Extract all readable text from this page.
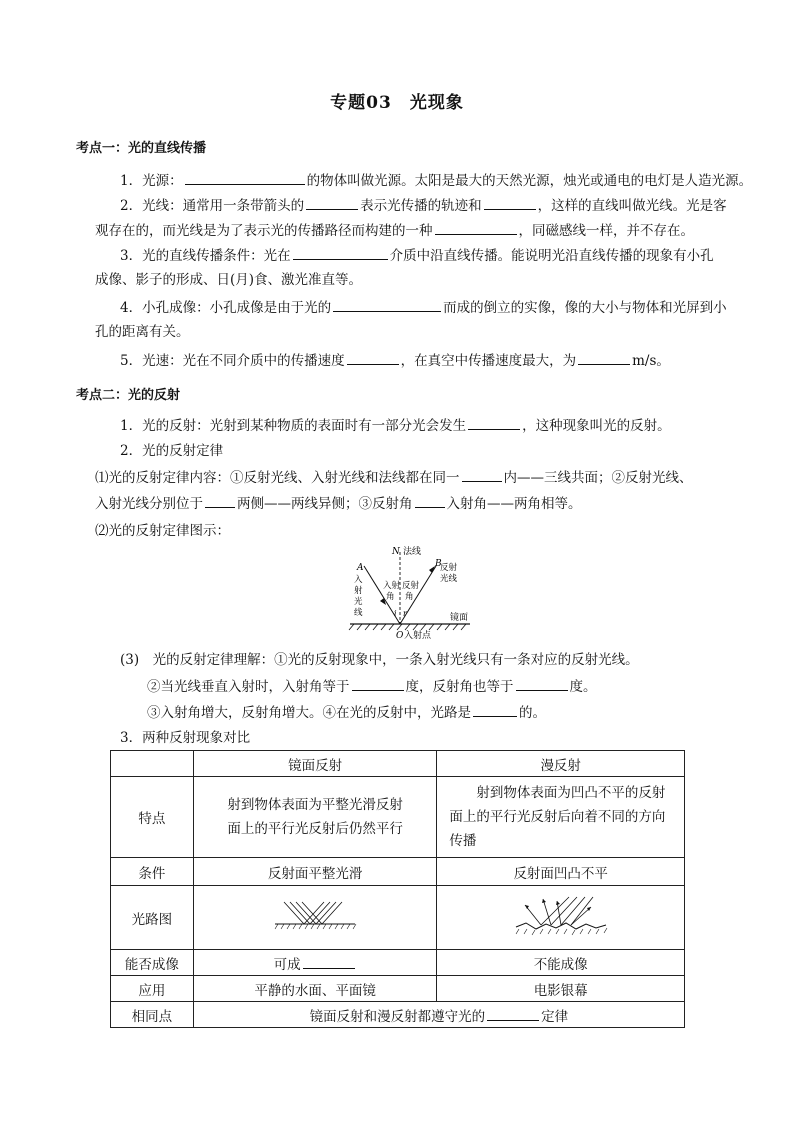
专题03　光现象
考点一：光的直线传播
1．光源：	的物体叫做光源。太阳是最大的天然光源，烛光或通电的电灯是人造光源。
2．光线：通常用一条带箭头的	表示光传播的轨迹和	，这样的直线叫做光线。光是客
观存在的，而光线是为了表示光的传播路径而构建的一种	，同磁感线一样，并不存在。
3．光的直线传播条件：光在	介质中沿直线传播。能说明光沿直线传播的现象有小孔
成像、影子的形成、日(月)食、激光准直等。
4．小孔成像：小孔成像是由于光的	而成的倒立的实像，像的大小与物体和光屏到小
孔的距离有关。
5．光速：光在不同介质中的传播速度	，在真空中传播速度最大，为	m/s。
考点二：光的反射
1．光的反射：光射到某种物质的表面时有一部分光会发生	，这种现象叫光的反射。
2．光的反射定律
⑴光的反射定律内容：①反射光线、入射光线和法线都在同一	内——三线共面；②反射光线、
入射光线分别位于	两侧——两线异侧；③反射角	入射角——两角相等。
⑵光的反射定律图示：
N 法线
B
反射
光线
A
入
射
光
线
入射
角
反射
角
i r	镜面
O 入射点
(3)　光的反射定律理解：①光的反射现象中，一条入射光线只有一条对应的反射光线。
②当光线垂直入射时，入射角等于	度，反射角也等于	度。
③入射角增大，反射角增大。④在光的反射中，光路是	的。
3．两种反射现象对比
	镜面反射	漫反射
特点	射到物体表面为平整光滑反射面上的平行光反射后仍然平行	射到物体表面为凹凸不平的反射面上的平行光反射后向着不同的方向传播
条件	反射面平整光滑	反射面凹凸不平
光路图		
能否成像	可成	不能成像
应用	平静的水面、平面镜	电影银幕
相同点	镜面反射和漫反射都遵守光的 定律	
